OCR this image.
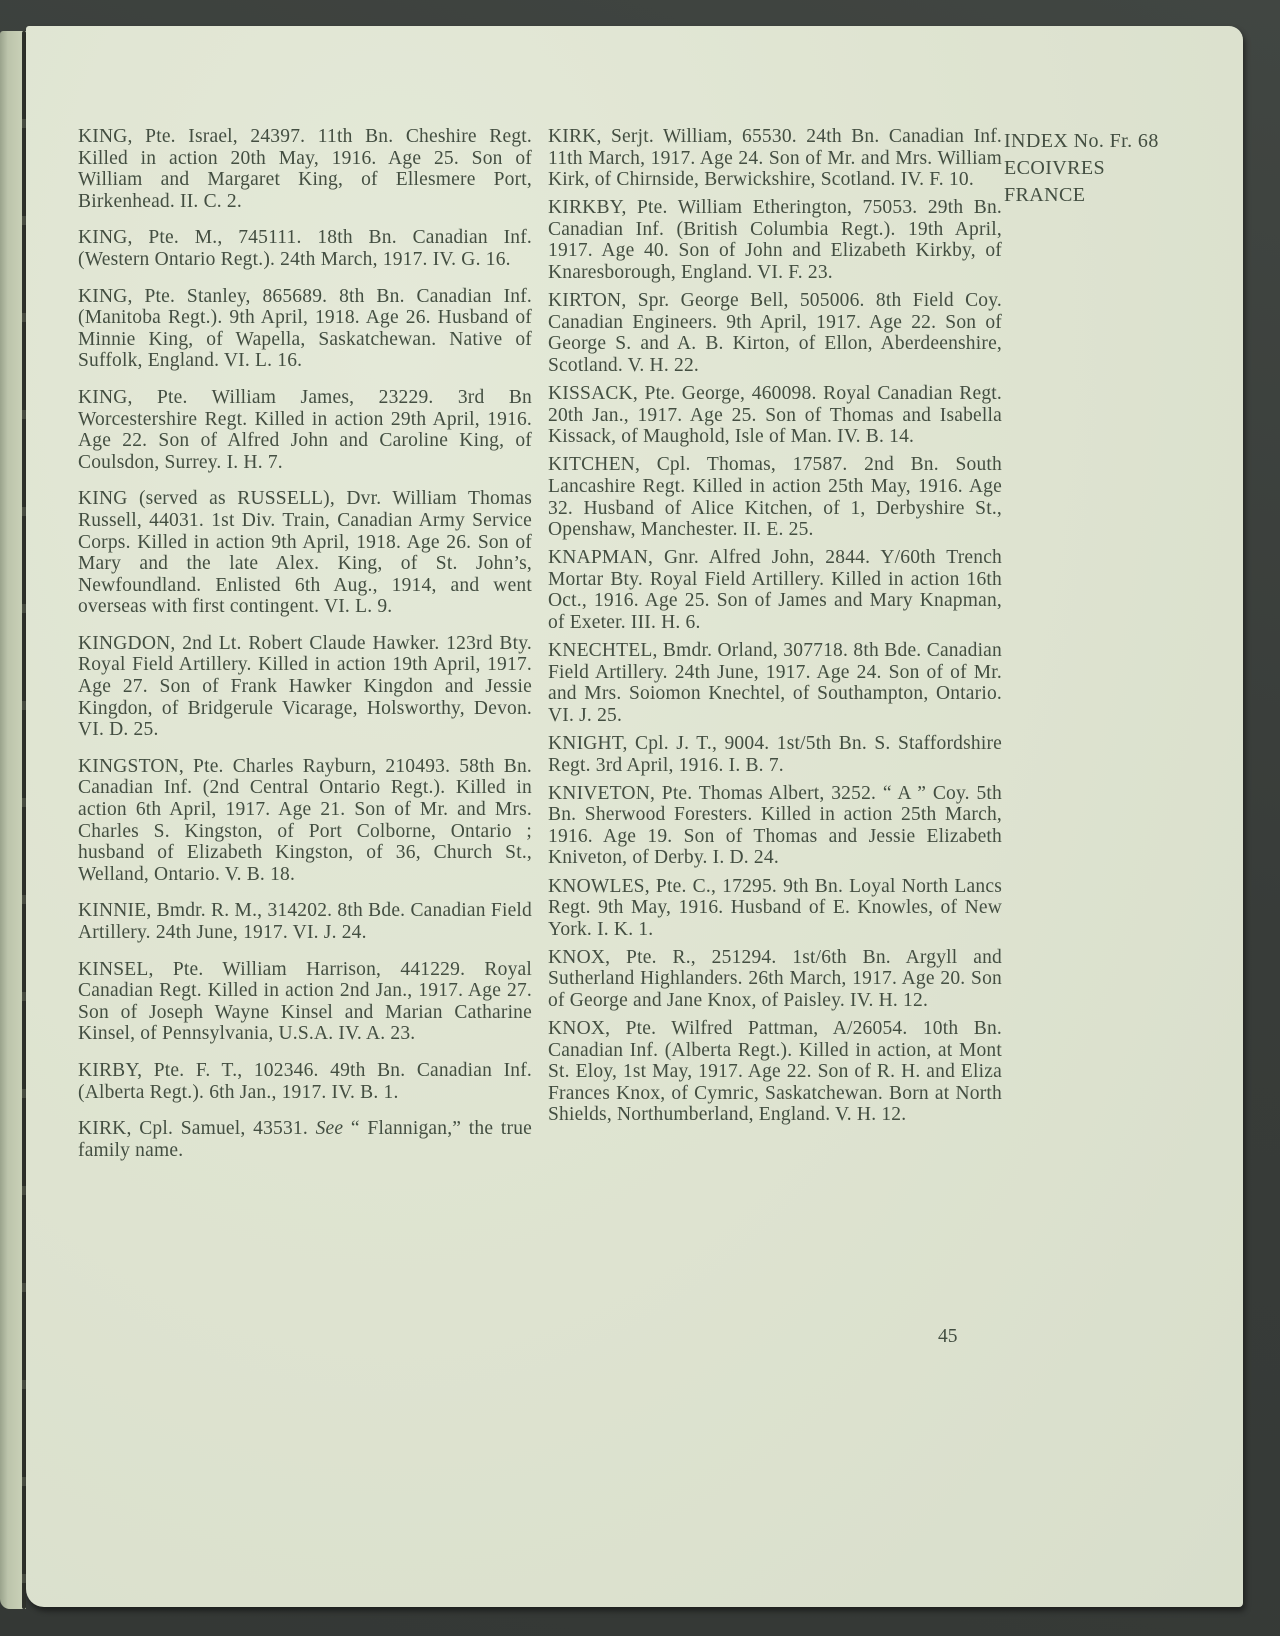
KING, Pte. Israel, 24397. 11th Bn. Cheshire Regt. Killed in action 20th May, 1916. Age 25. Son of William and Margaret King, of Ellesmere Port, Birkenhead. II. C. 2.

KING, Pte. M., 745111. 18th Bn. Canadian Inf. (Western Ontario Regt.). 24th March, 1917. IV. G. 16.

KING, Pte. Stanley, 865689. 8th Bn. Canadian Inf. (Manitoba Regt.). 9th April, 1918. Age 26. Husband of Minnie King, of Wapella, Saskatchewan. Native of Suffolk, England. VI. L. 16.

KING, Pte. William James, 23229. 3rd Bn Worcestershire Regt. Killed in action 29th April, 1916. Age 22. Son of Alfred John and Caroline King, of Coulsdon, Surrey. I. H. 7.

KING (served as RUSSELL), Dvr. William Thomas Russell, 44031. 1st Div. Train, Canadian Army Service Corps. Killed in action 9th April, 1918. Age 26. Son of Mary and the late Alex. King, of St. John’s, Newfoundland. Enlisted 6th Aug., 1914, and went overseas with first contingent. VI. L. 9.

KINGDON, 2nd Lt. Robert Claude Hawker. 123rd Bty. Royal Field Artillery. Killed in action 19th April, 1917. Age 27. Son of Frank Hawker Kingdon and Jessie Kingdon, of Bridgerule Vicarage, Holsworthy, Devon. VI. D. 25.

KINGSTON, Pte. Charles Rayburn, 210493. 58th Bn. Canadian Inf. (2nd Central Ontario Regt.). Killed in action 6th April, 1917. Age 21. Son of Mr. and Mrs. Charles S. Kingston, of Port Colborne, Ontario ; husband of Elizabeth Kingston, of 36, Church St., Welland, Ontario. V. B. 18.

KINNIE, Bmdr. R. M., 314202. 8th Bde. Canadian Field Artillery. 24th June, 1917. VI. J. 24.

KINSEL, Pte. William Harrison, 441229. Royal Canadian Regt. Killed in action 2nd Jan., 1917. Age 27. Son of Joseph Wayne Kinsel and Marian Catharine Kinsel, of Pennsylvania, U.S.A. IV. A. 23.

KIRBY, Pte. F. T., 102346. 49th Bn. Canadian Inf. (Alberta Regt.). 6th Jan., 1917. IV. B. 1.

KIRK, Cpl. Samuel, 43531. See “ Flannigan,” the true family name.

KIRK, Serjt. William, 65530. 24th Bn. Canadian Inf. 11th March, 1917. Age 24. Son of Mr. and Mrs. William Kirk, of Chirnside, Berwickshire, Scotland. IV. F. 10.

KIRKBY, Pte. William Etherington, 75053. 29th Bn. Canadian Inf. (British Columbia Regt.). 19th April, 1917. Age 40. Son of John and Elizabeth Kirkby, of Knaresborough, England. VI. F. 23.

KIRTON, Spr. George Bell, 505006. 8th Field Coy. Canadian Engineers. 9th April, 1917. Age 22. Son of George S. and A. B. Kirton, of Ellon, Aberdeenshire, Scotland. V. H. 22.

KISSACK, Pte. George, 460098. Royal Canadian Regt. 20th Jan., 1917. Age 25. Son of Thomas and Isabella Kissack, of Maughold, Isle of Man. IV. B. 14.

KITCHEN, Cpl. Thomas, 17587. 2nd Bn. South Lancashire Regt. Killed in action 25th May, 1916. Age 32. Husband of Alice Kitchen, of 1, Derbyshire St., Openshaw, Manchester. II. E. 25.

KNAPMAN, Gnr. Alfred John, 2844. Y/60th Trench Mortar Bty. Royal Field Artillery. Killed in action 16th Oct., 1916. Age 25. Son of James and Mary Knapman, of Exeter. III. H. 6.

KNECHTEL, Bmdr. Orland, 307718. 8th Bde. Canadian Field Artillery. 24th June, 1917. Age 24. Son of of Mr. and Mrs. Soiomon Knechtel, of Southampton, Ontario. VI. J. 25.

KNIGHT, Cpl. J. T., 9004. 1st/5th Bn. S. Staffordshire Regt. 3rd April, 1916. I. B. 7.

KNIVETON, Pte. Thomas Albert, 3252. “ A ” Coy. 5th Bn. Sherwood Foresters. Killed in action 25th March, 1916. Age 19. Son of Thomas and Jessie Elizabeth Kniveton, of Derby. I. D. 24.

KNOWLES, Pte. C., 17295. 9th Bn. Loyal North Lancs Regt. 9th May, 1916. Husband of E. Knowles, of New York. I. K. 1.

KNOX, Pte. R., 251294. 1st/6th Bn. Argyll and Sutherland Highlanders. 26th March, 1917. Age 20. Son of George and Jane Knox, of Paisley. IV. H. 12.

KNOX, Pte. Wilfred Pattman, A/26054. 10th Bn. Canadian Inf. (Alberta Regt.). Killed in action, at Mont St. Eloy, 1st May, 1917. Age 22. Son of R. H. and Eliza Frances Knox, of Cymric, Saskatchewan. Born at North Shields, Northumberland, England. V. H. 12.

INDEX No. Fr. 68
ECOIVRES
FRANCE
45
